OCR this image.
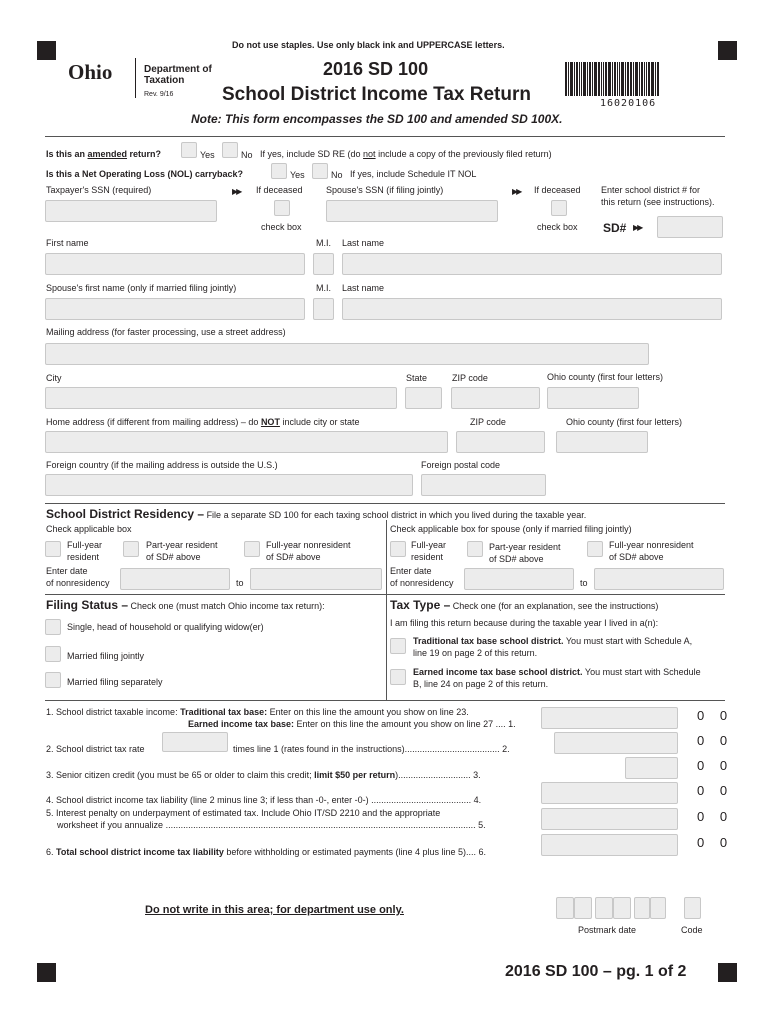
Do not use staples. Use only black ink and UPPERCASE letters.
Ohio	Department of
Taxation
Rev. 9/16
2016 SD 100
School District Income Tax Return	16020106
Note: This form encompasses the SD 100 and amended SD 100X.
Is this an amended return?	Yes	No If yes, include SD RE (do not include a copy of the previously filed return)
Is this a Net Operating Loss (NOL) carryback?	Yes	No If yes, include Schedule IT NOL
Taxpayer's SSN (required)	▶▶ If deceased
check box
Spouse's SSN (if filing jointly)	▶▶ If deceased
check box
Enter school district # for
this return (see instructions).
SD# ▶▶
First name	M.I. Last name
Spouse's first name (only if married filing jointly)	M.I. Last name
Mailing address (for faster processing, use a street address)
City	State	ZIP code	Ohio county (first four letters)
Home address (if different from mailing address) – do NOT include city or state	ZIP code	Ohio county (first four letters)
Foreign country (if the mailing address is outside the U.S.)	Foreign postal code
School District Residency – File a separate SD 100 for each taxing school district in which you lived during the taxable year.
Check applicable box	Check applicable box for spouse (only if married filing jointly)
Full-year
resident
Part-year resident
of SD# above
Full-year nonresident
of SD# above
Enter date
of nonresidency	to
Full-year
resident
Part-year resident
of SD# above
Full-year nonresident
of SD# above
Enter date
of nonresidency	to
Filing Status – Check one (must match Ohio income tax return):
Single, head of household or qualifying widow(er)
Married filing jointly
Married filing separately
Tax Type – Check one (for an explanation, see the instructions)
I am filing this return because during the taxable year I lived in a(n):
Traditional tax base school district. You must start with Schedule A,
line 19 on page 2 of this return.
Earned income tax base school district. You must start with Schedule
B, line 24 on page 2 of this return.
1. School district taxable income: Traditional tax base: Enter on this line the amount you show on line 23.
Earned income tax base: Enter on this line the amount you show on line 27 .... 1.
0 0
2. School district tax rate	times line 1 (rates found in the instructions)...................................... 2.
0 0
3. Senior citizen credit (you must be 65 or older to claim this credit; limit $50 per return)............................. 3.
0 0
4. School district income tax liability (line 2 minus line 3; if less than -0-, enter -0-) ........................................ 4.
0 0
5. Interest penalty on underpayment of estimated tax. Include Ohio IT/SD 2210 and the appropriate
worksheet if you annualize ............................................................................................................................ 5.
0 0
6. Total school district income tax liability before withholding or estimated payments (line 4 plus line 5).... 6.
0 0
Do not write in this area; for department use only.
Postmark date	Code
2016 SD 100 – pg. 1 of 2
